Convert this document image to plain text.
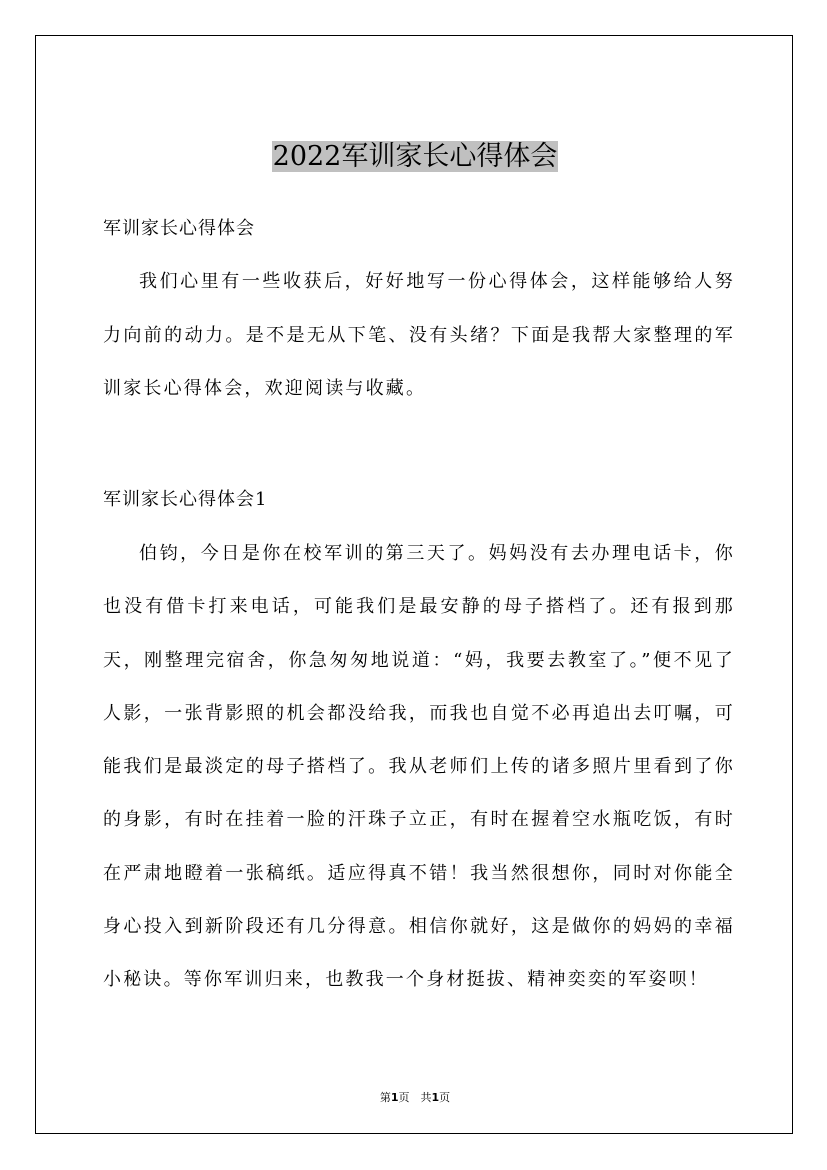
2022军训家长心得体会

军训家长心得体会

我们心里有一些收获后，好好地写一份心得体会，这样能够给人努力向前的动力。是不是无从下笔、没有头绪？下面是我帮大家整理的军训家长心得体会，欢迎阅读与收藏。

军训家长心得体会1

伯钧，今日是你在校军训的第三天了。妈妈没有去办理电话卡，你也没有借卡打来电话，可能我们是最安静的母子搭档了。还有报到那天，刚整理完宿舍，你急匆匆地说道：“妈，我要去教室了。”便不见了人影，一张背影照的机会都没给我，而我也自觉不必再追出去叮嘱，可能我们是最淡定的母子搭档了。我从老师们上传的诸多照片里看到了你的身影，有时在挂着一脸的汗珠子立正，有时在握着空水瓶吃饭，有时在严肃地瞪着一张稿纸。适应得真不错！我当然很想你，同时对你能全身心投入到新阶段还有几分得意。相信你就好，这是做你的妈妈的幸福小秘诀。等你军训归来，也教我一个身材挺拔、精神奕奕的军姿呗！

第1页　共1页
